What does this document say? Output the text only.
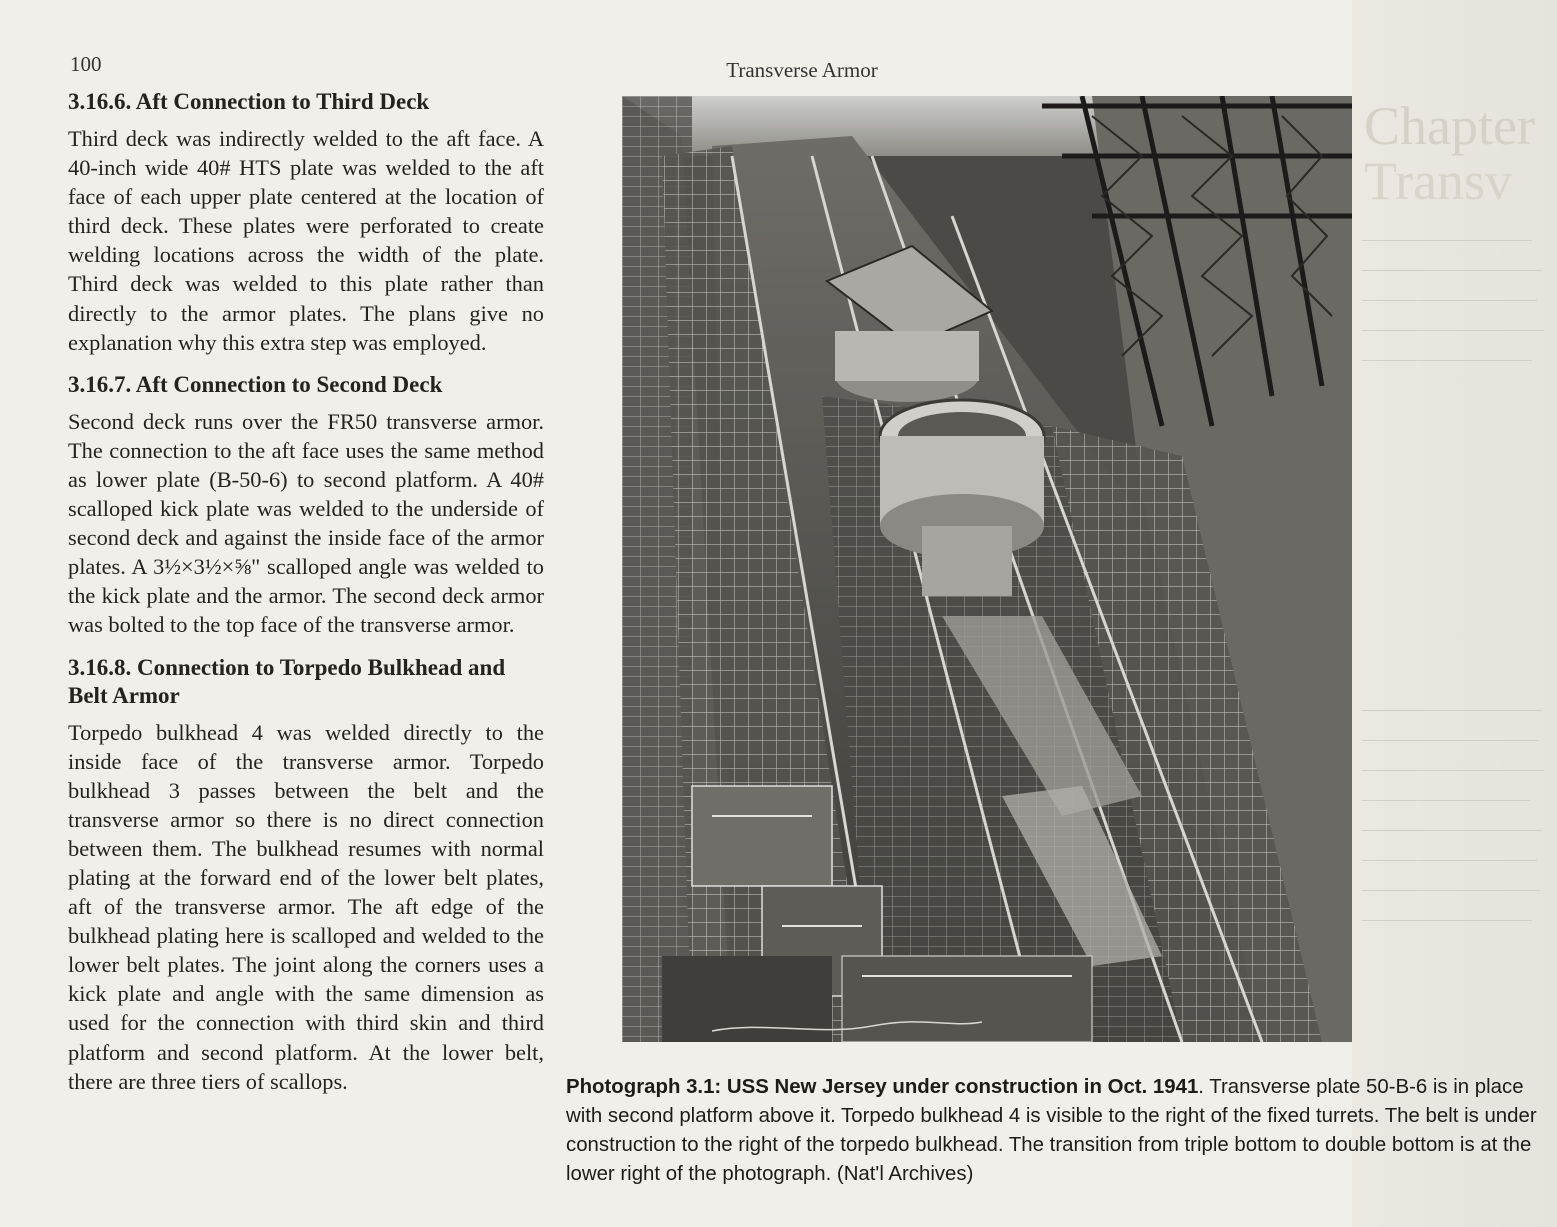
Chapter
Transv
100	Transverse Armor
3.16.6. Aft Connection to Third Deck

Third deck was indirectly welded to the aft face. A 40-inch wide 40# HTS plate was welded to the aft face of each upper plate centered at the location of third deck. These plates were perforated to create welding locations across the width of the plate. Third deck was welded to this plate rather than directly to the armor plates. The plans give no explanation why this extra step was employed.

3.16.7. Aft Connection to Second Deck

Second deck runs over the FR50 transverse armor. The connection to the aft face uses the same method as lower plate (B-50-6) to second platform. A 40# scalloped kick plate was welded to the underside of second deck and against the inside face of the armor plates. A 3½×3½×⅝" scalloped angle was welded to the kick plate and the armor. The second deck armor was bolted to the top face of the transverse armor.

3.16.8. Connection to Torpedo Bulkhead and Belt Armor

Torpedo bulkhead 4 was welded directly to the inside face of the transverse armor. Torpedo bulkhead 3 passes between the belt and the transverse armor so there is no direct connection between them. The bulkhead resumes with normal plating at the forward end of the lower belt plates, aft of the transverse armor. The aft edge of the bulkhead plating here is scalloped and welded to the lower belt plates. The joint along the corners uses a kick plate and angle with the same dimension as used for the connection with third skin and third platform and second platform. At the lower belt, there are three tiers of scallops.	Photograph 3.1: USS New Jersey under construction in Oct. 1941. Transverse plate 50-B-6 is in place with second platform above it. Torpedo bulkhead 4 is visible to the right of the fixed turrets. The belt is under construction to the right of the torpedo bulkhead. The transition from triple bottom to double bottom is at the lower right of the photograph. (Nat'l Archives)
